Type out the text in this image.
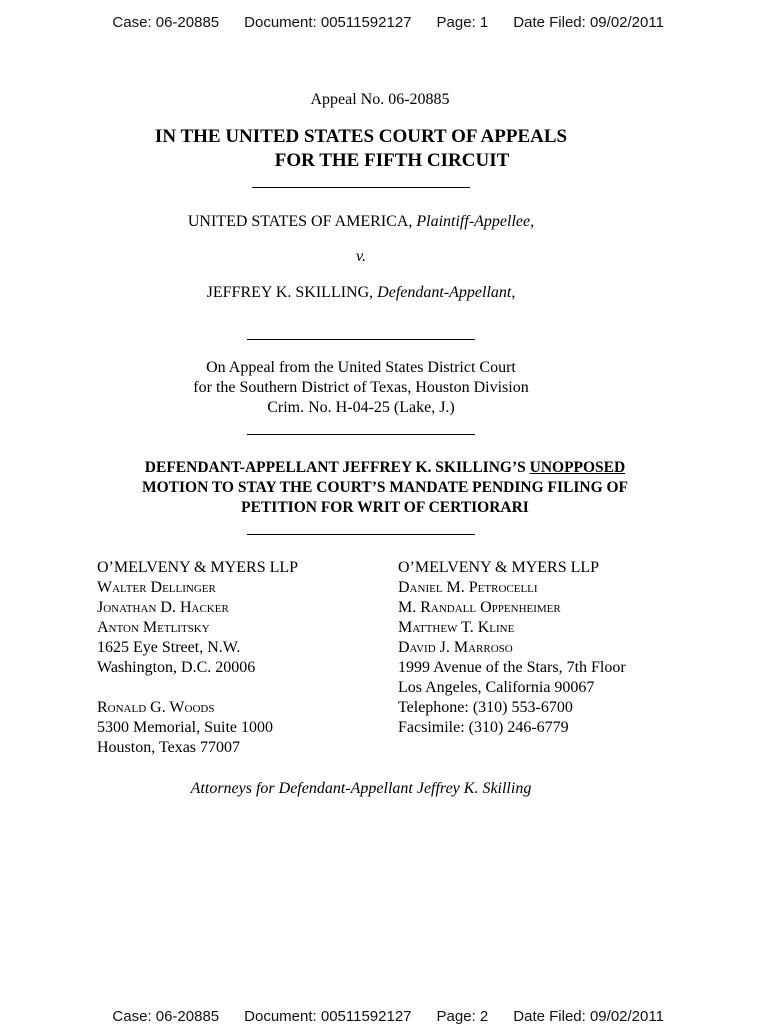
Case: 06-20885 Document: 00511592127 Page: 1 Date Filed: 09/02/2011

Appeal No. 06-20885
IN THE UNITED STATES COURT OF APPEALS
FOR THE FIFTH CIRCUIT
UNITED STATES OF AMERICA, Plaintiff-Appellee,
v.
JEFFREY K. SKILLING, Defendant-Appellant,
On Appeal from the United States District Court
for the Southern District of Texas, Houston Division
Crim. No. H-04-25 (Lake, J.)
DEFENDANT-APPELLANT JEFFREY K. SKILLING’S UNOPPOSED
MOTION TO STAY THE COURT’S MANDATE PENDING FILING OF
PETITION FOR WRIT OF CERTIORARI
O’MELVENY & MYERS LLP
Walter Dellinger
Jonathan D. Hacker
Anton Metlitsky
1625 Eye Street, N.W.
Washington, D.C. 20006
Ronald G. Woods
5300 Memorial, Suite 1000
Houston, Texas 77007
O’MELVENY & MYERS LLP
Daniel M. Petrocelli
M. Randall Oppenheimer
Matthew T. Kline
David J. Marroso
1999 Avenue of the Stars, 7th Floor
Los Angeles, California 90067
Telephone: (310) 553-6700
Facsimile: (310) 246-6779
Attorneys for Defendant-Appellant Jeffrey K. Skilling

Case: 06-20885 Document: 00511592127 Page: 2 Date Filed: 09/02/2011
